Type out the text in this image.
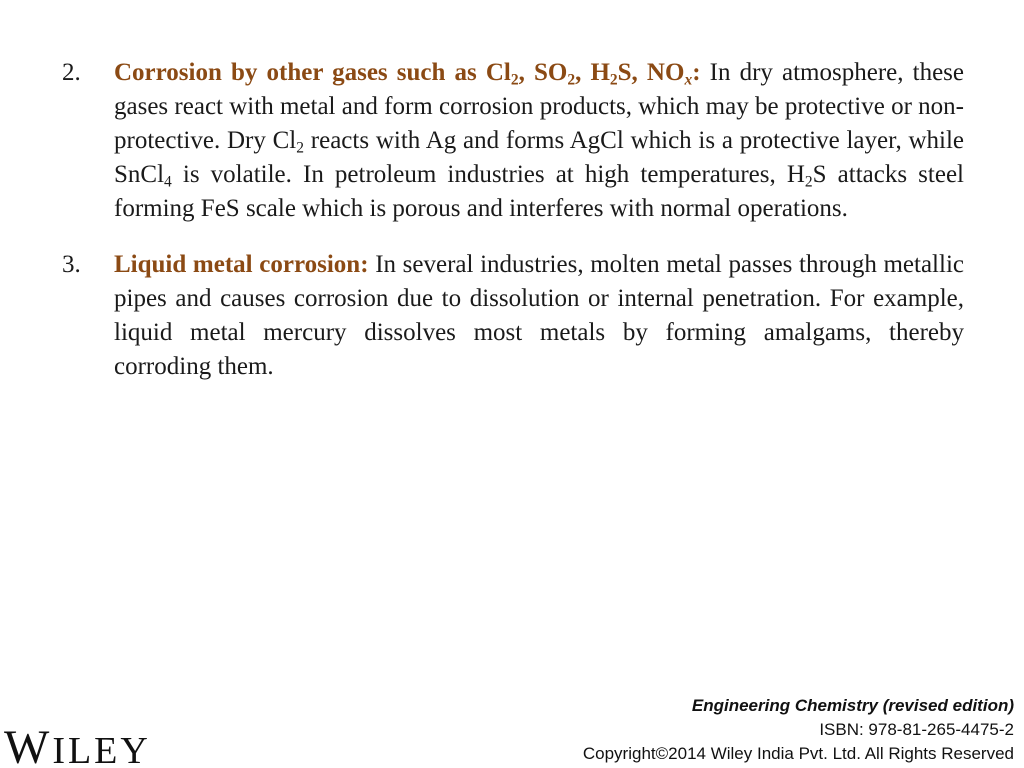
2.	Corrosion by other gases such as $Cl_2$, $SO_2$, $H_2S$, $NO_x$: In dry atmosphere, these gases react with metal and form corrosion products, which may be protective or non-protective. Dry $Cl_2$ reacts with Ag and forms AgCl which is a protective layer, while SnCl$_4$ is volatile. In petroleum industries at high temperatures, $H_2S$ attacks steel forming FeS scale which is porous and interferes with normal operations.
3.	Liquid metal corrosion: In several industries, molten metal passes through metallic pipes and causes corrosion due to dissolution or internal penetration. For example, liquid metal mercury dissolves most metals by forming amalgams, thereby corroding them.
WILEY
Engineering Chemistry (revised edition)
ISBN: 978-81-265-4475-2
Copyright©2014 Wiley India Pvt. Ltd. All Rights Reserved
